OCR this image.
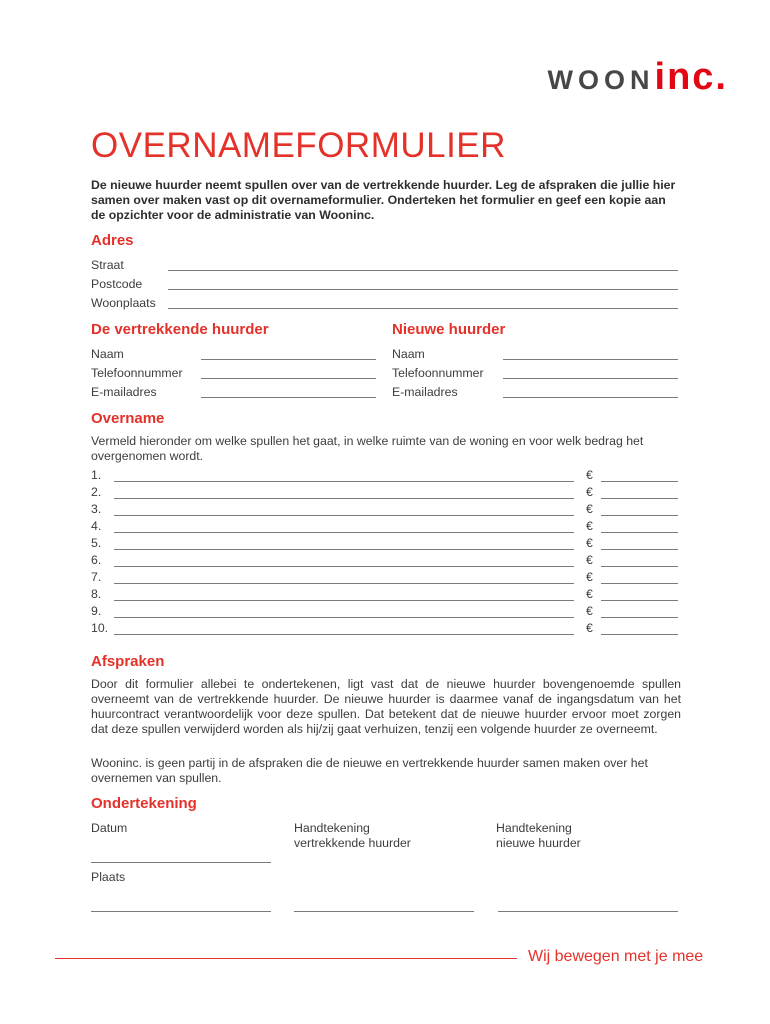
WOONinc.
OVERNAMEFORMULIER
De nieuwe huurder neemt spullen over van de vertrekkende huurder. Leg de afspraken die jullie hier samen over maken vast op dit overnameformulier. Onderteken het formulier en geef een kopie aan de opzichter voor de administratie van Wooninc.
Adres
Straat
Postcode
Woonplaats
De vertrekkende huurder
Naam
Telefoonnummer
E-mailadres
Nieuwe huurder
Naam
Telefoonnummer
E-mailadres
Overname
Vermeld hieronder om welke spullen het gaat, in welke ruimte van de woning en voor welk bedrag het overgenomen wordt.
1.	€
2.	€
3.	€
4.	€
5.	€
6.	€
7.	€
8.	€
9.	€
10.	€
Afspraken
Door dit formulier allebei te ondertekenen, ligt vast dat de nieuwe huurder bovengenoemde spullen overneemt van de vertrekkende huurder. De nieuwe huurder is daarmee vanaf de ingangsdatum van het huurcontract verantwoordelijk voor deze spullen. Dat betekent dat de nieuwe huurder ervoor moet zorgen dat deze spullen verwijderd worden als hij/zij gaat verhuizen, tenzij een volgende huurder ze overneemt.
Wooninc. is geen partij in de afspraken die de nieuwe en vertrekkende huurder samen maken over het overnemen van spullen.
Ondertekening
Datum
Plaats
Handtekening
vertrekkende huurder
Handtekening
nieuwe huurder
Wij bewegen met je mee
